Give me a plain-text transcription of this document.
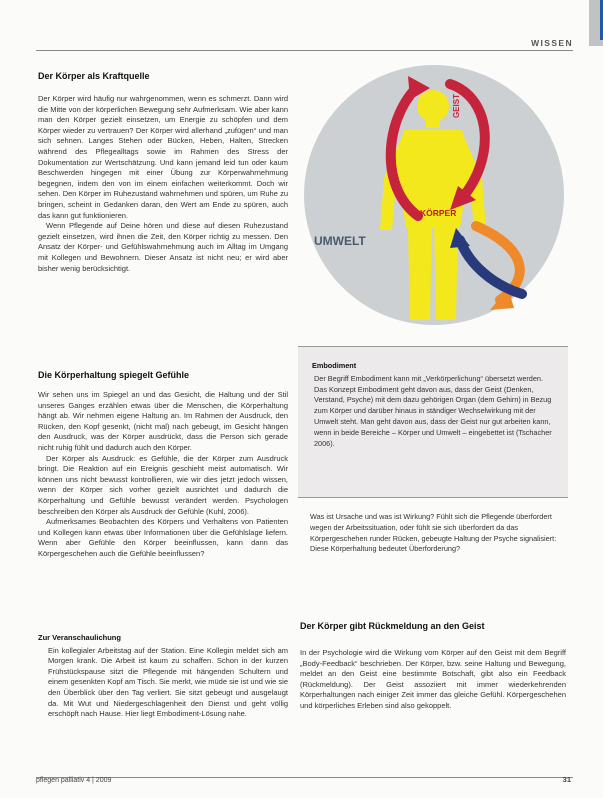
WISSEN
Der Körper als Kraftquelle

Der Körper wird häufig nur wahrgenommen, wenn es schmerzt. Dann wird die Mitte von der körperlichen Bewegung sehr Aufmerksam. Wie aber kann man den Körper gezielt einsetzen, um Energie zu schöpfen und dem Körper wieder zu vertrauen? Der Körper wird allerhand „zufügen“ und man sich sehnen. Langes Stehen oder Bücken, Heben, Halten, Strecken während des Pflegealltags sowie im Rahmen des Stress der Dokumentation zur Wertschätzung. Und kann jemand leid tun oder kaum Beschwerden hingegen mit einer Übung zur Körperwahrnehmung begegnen, indem den von im einem einfachen weiterkommt. Doch wir sehen. Den Körper im Ruhezustand wahrnehmen und spüren, um Ruhe zu bringen, scheint in Gedanken daran, den Wert am Ende zu spüren, auch das kann gut funktionieren.

Wenn Pflegende auf Deine hören und diese auf diesen Ruhezustand gezielt einsetzen, wird ihnen die Zeit, den Körper richtig zu messen. Den Ansatz der Körper- und Gefühlswahrnehmung auch im Alltag im Umgang mit Kollegen und Bewohnern. Dieser Ansatz ist nicht neu; er wird aber bisher wenig berücksichtigt.

Die Körperhaltung spiegelt Gefühle

Wir sehen uns im Spiegel an und das Gesicht, die Haltung und der Stil unseres Ganges erzählen etwas über die Menschen, die Körperhaltung hängt ab. Wir nehmen eigene Haltung an. Im Rahmen der Ausdruck, den Rücken, den Kopf gesenkt, (nicht mal) nach gebeugt, im Gesicht hängen den Ausdruck, was der Körper ausdrückt, dass die Person sich gerade nicht ruhig fühlt und dadurch auch den Körper.

Der Körper als Ausdruck: es Gefühle, die der Körper zum Ausdruck bringt. Die Reaktion auf ein Ereignis geschieht meist automatisch. Wir können uns nicht bewusst kontrollieren, wie wir dies jetzt jedoch wissen, wenn der Körper sich vorher gezielt ausrichtet und dadurch die Körperhaltung und Gefühle bewusst verändert werden. Psychologen beschreiben den Körper als Ausdruck der Gefühle (Kuhl, 2006).

Aufmerksames Beobachten des Körpers und Verhaltens von Patienten und Kollegen kann etwas über Informationen über die Gefühlslage liefern. Wenn aber Gefühle den Körper beeinflussen, kann dann das Körpergeschehen auch die Gefühle beeinflussen?

Zur Veranschaulichung

Ein kollegialer Arbeitstag auf der Station. Eine Kollegin meldet sich am Morgen krank. Die Arbeit ist kaum zu schaffen. Schon in der kurzen Frühstückspause sitzt die Pflegende mit hängenden Schultern und einem gesenkten Kopf am Tisch. Sie merkt, wie müde sie ist und wie sie den Überblick über den Tag verliert. Sie sitzt gebeugt und ausgelaugt da. Mit Wut und Niedergeschlagenheit den Dienst und geht völlig erschöpft nach Hause. Hier liegt Embodiment-Lösung nahe.

GEIST
KÖRPER
UMWELT
Embodiment

Der Begriff Embodiment kann mit „Verkörperlichung“ übersetzt werden. Das Konzept Embodiment geht davon aus, dass der Geist (Denken, Verstand, Psyche) mit dem dazu gehörigen Organ (dem Gehirn) in Bezug zum Körper und darüber hinaus in ständiger Wechselwirkung mit der Umwelt steht. Man geht davon aus, dass der Geist nur gut arbeiten kann, wenn in beide Bereiche – Körper und Umwelt – eingebettet ist (Tschacher 2006).

Was ist Ursache und was ist Wirkung? Fühlt sich die Pflegende überfordert wegen der Arbeitssituation, oder fühlt sie sich überfordert da das Körpergeschehen runder Rücken, gebeugte Haltung der Psyche signalisiert: Diese Körperhaltung bedeutet Überforderung?
Der Körper gibt Rückmeldung an den Geist

In der Psychologie wird die Wirkung vom Körper auf den Geist mit dem Begriff „Body-Feedback“ beschrieben. Der Körper, bzw. seine Haltung und Bewegung, meldet an den Geist eine bestimmte Botschaft, gibt also ein Feedback (Rückmeldung). Der Geist assoziiert mit immer wiederkehrenden Körperhaltungen nach einiger Zeit immer das gleiche Gefühl. Körpergeschehen und körperliches Erleben sind also gekoppelt.

pflegen palliativ 4 | 2009	31
